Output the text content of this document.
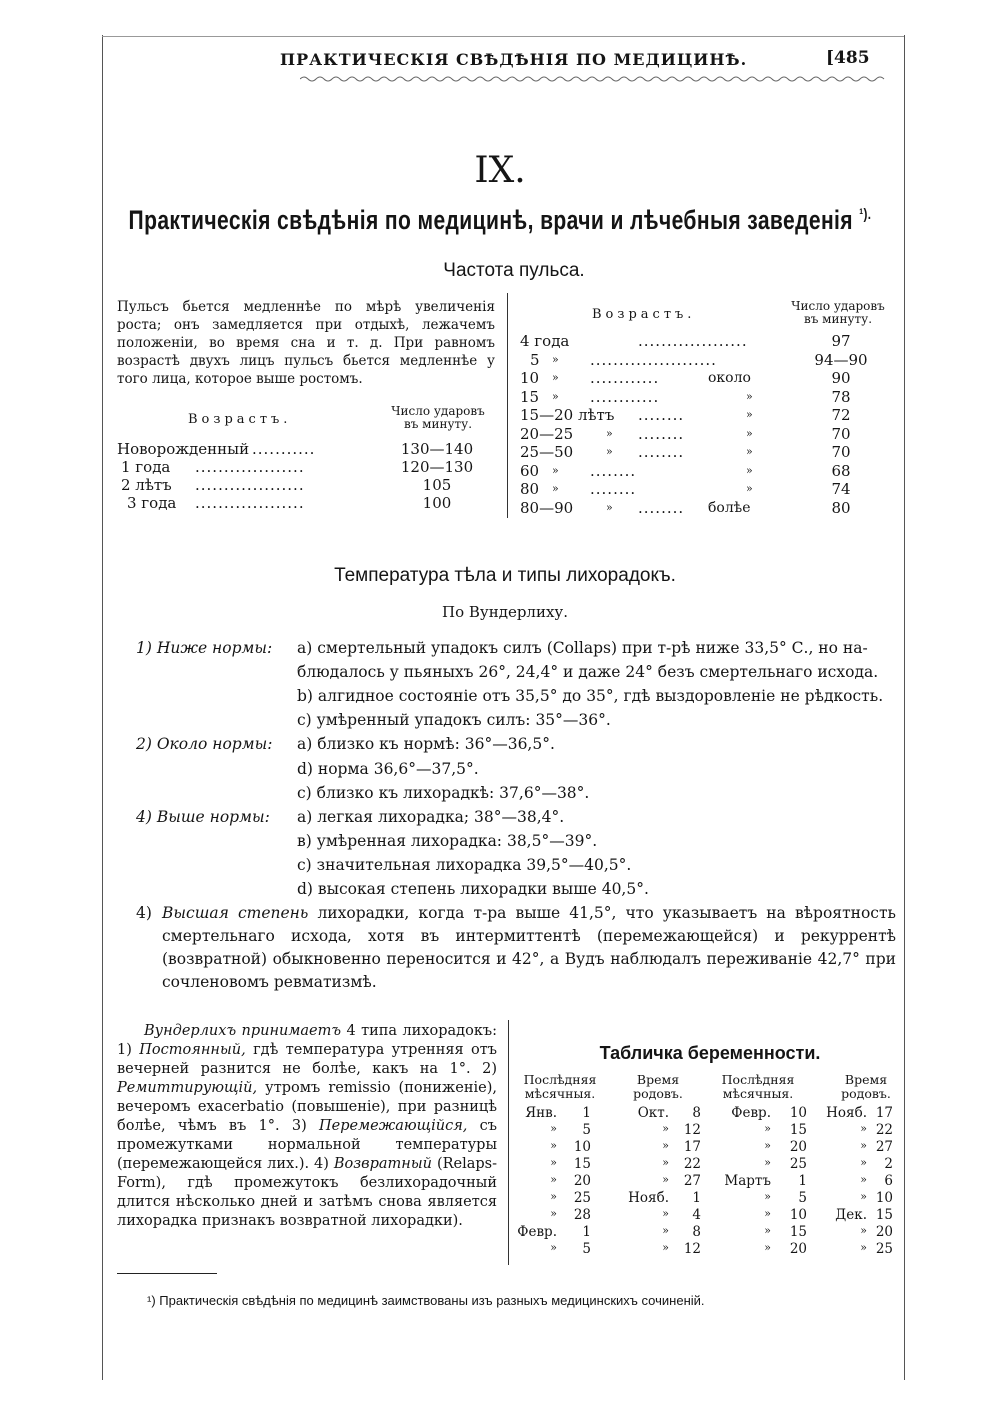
ПРАКТИЧЕСКІЯ СВѢДѢНІЯ ПО МЕДИЦИНѢ.	[485
IX.
Практическія свѣдѣнія по медицинѣ, врачи и лѣчебныя заведенія $^{^1).}$
Частота пульса.
Пульсъ бьется медленнѣе по мѣрѣ увеличенія роста; онъ замедляется при отдыхѣ, лежачемъ положеніи, во время сна и т. д. При равномъ возрастѣ двухъ лицъ пульсъ бьется медленнѣе у того лица, которое выше ростомъ.
Возрастъ.
Число ударовъ
въ минуту.
Новорожденный ...........	130—140
1 года ...................	120—130
2 лѣтъ ...................	105
3 года ...................	100
Возрастъ.
Число ударовъ
въ минуту.
4 года	...................	97
5 » ......................	94—90
10 » ............	около	90
15 » ............	»	78
15—20 лѣтъ ........	»	72
20—25	» ........	»	70
25—50	» ........	»	70
60 » ........	»	68
80 » ........	»	74
80—90	» ........ болѣе	80
Температура тѣла и типы лихорадокъ.
По Вундерлиху.
1) Ниже нормы: а) смертельный упадокъ силъ (Collaps) при т-рѣ ниже 33,5° С., но на-
блюдалось у пьяныхъ 26°, 24,4° и даже 24° безъ смертельнаго исхода.
b) алгидное состояніе отъ 35,5° до 35°, гдѣ выздоровленіе не рѣдкость.
c) умѣренный упадокъ силъ: 35°—36°.
2) Около нормы: а) близко къ нормѣ: 36°—36,5°.
d) норма 36,6°—37,5°.
c) близко къ лихорадкѣ: 37,6°—38°.
4) Выше нормы: а) легкая лихорадка; 38°—38,4°.
в) умѣренная лихорадка: 38,5°—39°.
c) значительная лихорадка 39,5°—40,5°.
d) высокая степень лихорадки выше 40,5°.
4) Высшая степень лихорадки, когда т-ра выше 41,5°, что указываетъ на вѣроятность смертельнаго исхода, хотя въ интермиттентѣ (перемежающейся) и рекуррентѣ (возвратной) обыкновенно переносится и 42°, а Вудъ наблюдалъ переживаніе 42,7° при сочленовомъ ревматизмѣ.
Вундерлихъ принимаетъ 4 типа лихорадокъ: 1) Постоянный, гдѣ температура утренняя отъ вечерней разнится не болѣе, какъ на 1°. 2) Ремиттирующій, утромъ remissio (пониженіе), вечеромъ exacerbatio (повышеніе), при разницѣ болѣе, чѣмъ въ 1°. 3) Перемежающійся, съ промежутками нормальной температуры (перемежающейся лих.). 4) Возвратный (Relaps-Form), гдѣ промежутокъ безлихорадочный длится нѣсколько дней и затѣмъ снова является лихорадка признакъ возвратной лихорадки).
Табличка беременности.
Послѣдняя
мѣсячныя.
Время
родовъ.
Послѣдняя
мѣсячныя.
Время
родовъ.
Янв.	1	Окт.	8	Февр.	10	Нояб. 17
»	5	»	12	»	15	» 22
»	10	»	17	»	20	» 27
»	15	»	22	»	25	»	2
»	20	»	27	Мартъ	1	»	6
»	25	Нояб.	1	»	5	» 10
»	28	»	4	»	10	Дек. 15
Февр.	1	»	8	»	15	» 20
»	5	»	12	»	20	» 25
¹) Практическія свѣдѣнія по медицинѣ заимствованы изъ разныхъ медицинскихъ сочиненій.
